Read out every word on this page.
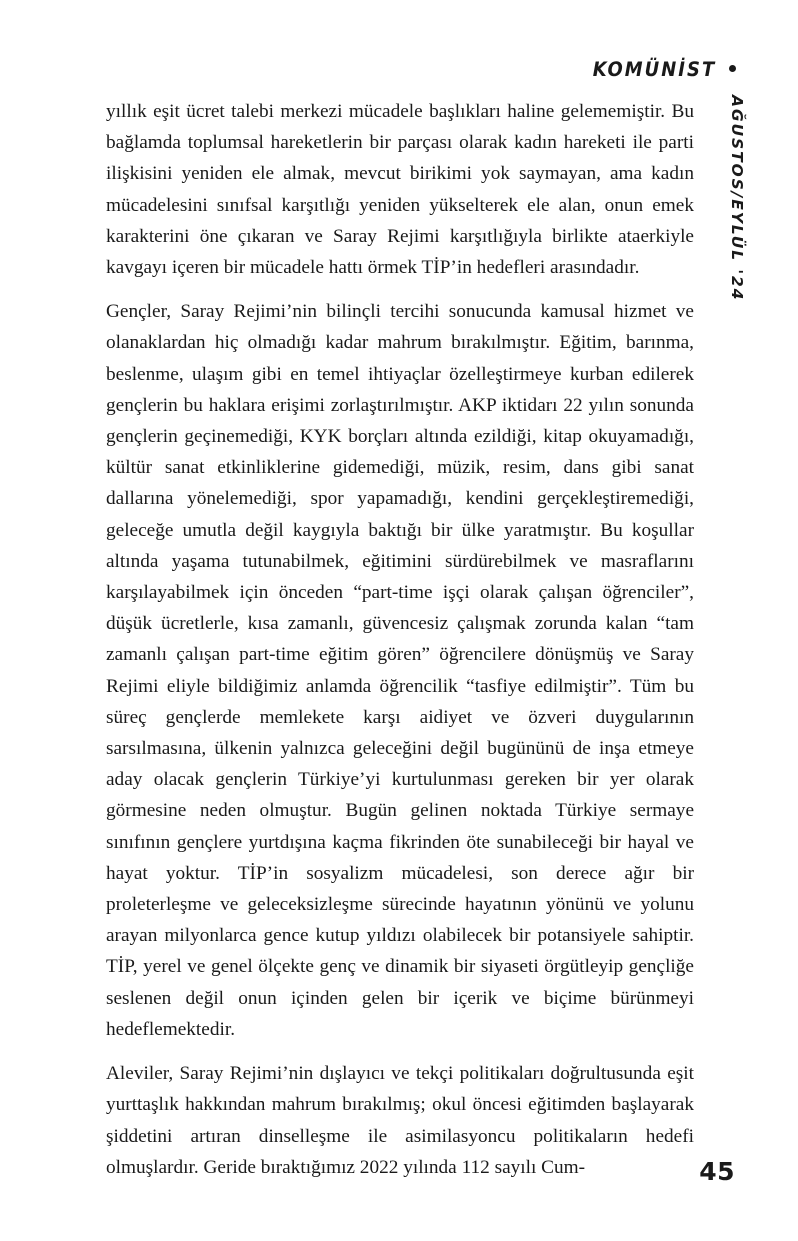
KOMÜNİST
AĞUSTOS/EYLÜL '24

yıllık eşit ücret talebi merkezi mücadele başlıkları haline gelememiştir. Bu bağlamda toplumsal hareketlerin bir parçası olarak kadın hareketi ile parti ilişkisini yeniden ele almak, mevcut birikimi yok saymayan, ama kadın mücadelesini sınıfsal karşıtlığı yeniden yükselterek ele alan, onun emek karakterini öne çıkaran ve Saray Rejimi karşıtlığıyla birlikte ataerkiyle kavgayı içeren bir mücadele hattı örmek TİP’in hedefleri arasındadır.

Gençler, Saray Rejimi’nin bilinçli tercihi sonucunda kamusal hizmet ve olanaklardan hiç olmadığı kadar mahrum bırakılmıştır. Eğitim, barınma, beslenme, ulaşım gibi en temel ihtiyaçlar özelleştirmeye kurban edilerek gençlerin bu haklara erişimi zorlaştırılmıştır. AKP iktidarı 22 yılın sonunda gençlerin geçinemediği, KYK borçları altında ezildiği, kitap okuyamadığı, kültür sanat etkinliklerine gidemediği, müzik, resim, dans gibi sanat dallarına yönelemediği, spor yapamadığı, kendini gerçekleştiremediği, geleceğe umutla değil kaygıyla baktığı bir ülke yaratmıştır. Bu koşullar altında yaşama tutunabilmek, eğitimini sürdürebilmek ve masraflarını karşılayabilmek için önceden “part-time işçi olarak çalışan öğrenciler”, düşük ücretlerle, kısa zamanlı, güvencesiz çalışmak zorunda kalan “tam zamanlı çalışan part-time eğitim gören” öğrencilere dönüşmüş ve Saray Rejimi eliyle bildiğimiz anlamda öğrencilik “tasfiye edilmiştir”. Tüm bu süreç gençlerde memlekete karşı aidiyet ve özveri duygularının sarsılmasına, ülkenin yalnızca geleceğini değil bugününü de inşa etmeye aday olacak gençlerin Türkiye’yi kurtulunması gereken bir yer olarak görmesine neden olmuştur. Bugün gelinen noktada Türkiye sermaye sınıfının gençlere yurtdışına kaçma fikrinden öte sunabileceği bir hayal ve hayat yoktur. TİP’in sosyalizm mücadelesi, son derece ağır bir proleterleşme ve geleceksizleşme sürecinde hayatının yönünü ve yolunu arayan milyonlarca gence kutup yıldızı olabilecek bir potansiyele sahiptir. TİP, yerel ve genel ölçekte genç ve dinamik bir siyaseti örgütleyip gençliğe seslenen değil onun içinden gelen bir içerik ve biçime bürünmeyi hedeflemektedir.

Aleviler, Saray Rejimi’nin dışlayıcı ve tekçi politikaları doğrultusunda eşit yurttaşlık hakkından mahrum bırakılmış; okul öncesi eğitimden başlayarak şiddetini artıran dinselleşme ile asimilasyoncu politikaların hedefi olmuşlardır. Geride bıraktığımız 2022 yılında 112 sayılı Cum-	45
